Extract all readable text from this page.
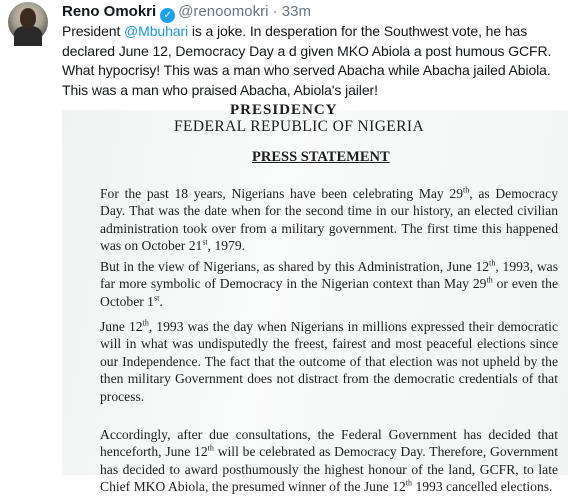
Reno Omokri ✓ @renoomokri · 33m
President @Mbuhari is a joke. In desperation for the Southwest vote, he has declared June 12, Democracy Day a d given MKO Abiola a post humous GCFR. What hypocrisy! This was a man who served Abacha while Abacha jailed Abiola. This was a man who praised Abacha, Abiola's jailer!
PRESIDENCY
FEDERAL REPUBLIC OF NIGERIA
PRESS STATEMENT
For the past 18 years, Nigerians have been celebrating May 29th, as Democracy Day. That was the date when for the second time in our history, an elected civilian administration took over from a military government. The first time this happened was on October 21st, 1979.
But in the view of Nigerians, as shared by this Administration, June 12th, 1993, was far more symbolic of Democracy in the Nigerian context than May 29th or even the October 1st.
June 12th, 1993 was the day when Nigerians in millions expressed their democratic will in what was undisputedly the freest, fairest and most peaceful elections since our Independence. The fact that the outcome of that election was not upheld by the then military Government does not distract from the democratic credentials of that process.
Accordingly, after due consultations, the Federal Government has decided that henceforth, June 12th will be celebrated as Democracy Day. Therefore, Government has decided to award posthumously the highest honour of the land, GCFR, to late Chief MKO Abiola, the presumed winner of the June 12th 1993 cancelled elections.
